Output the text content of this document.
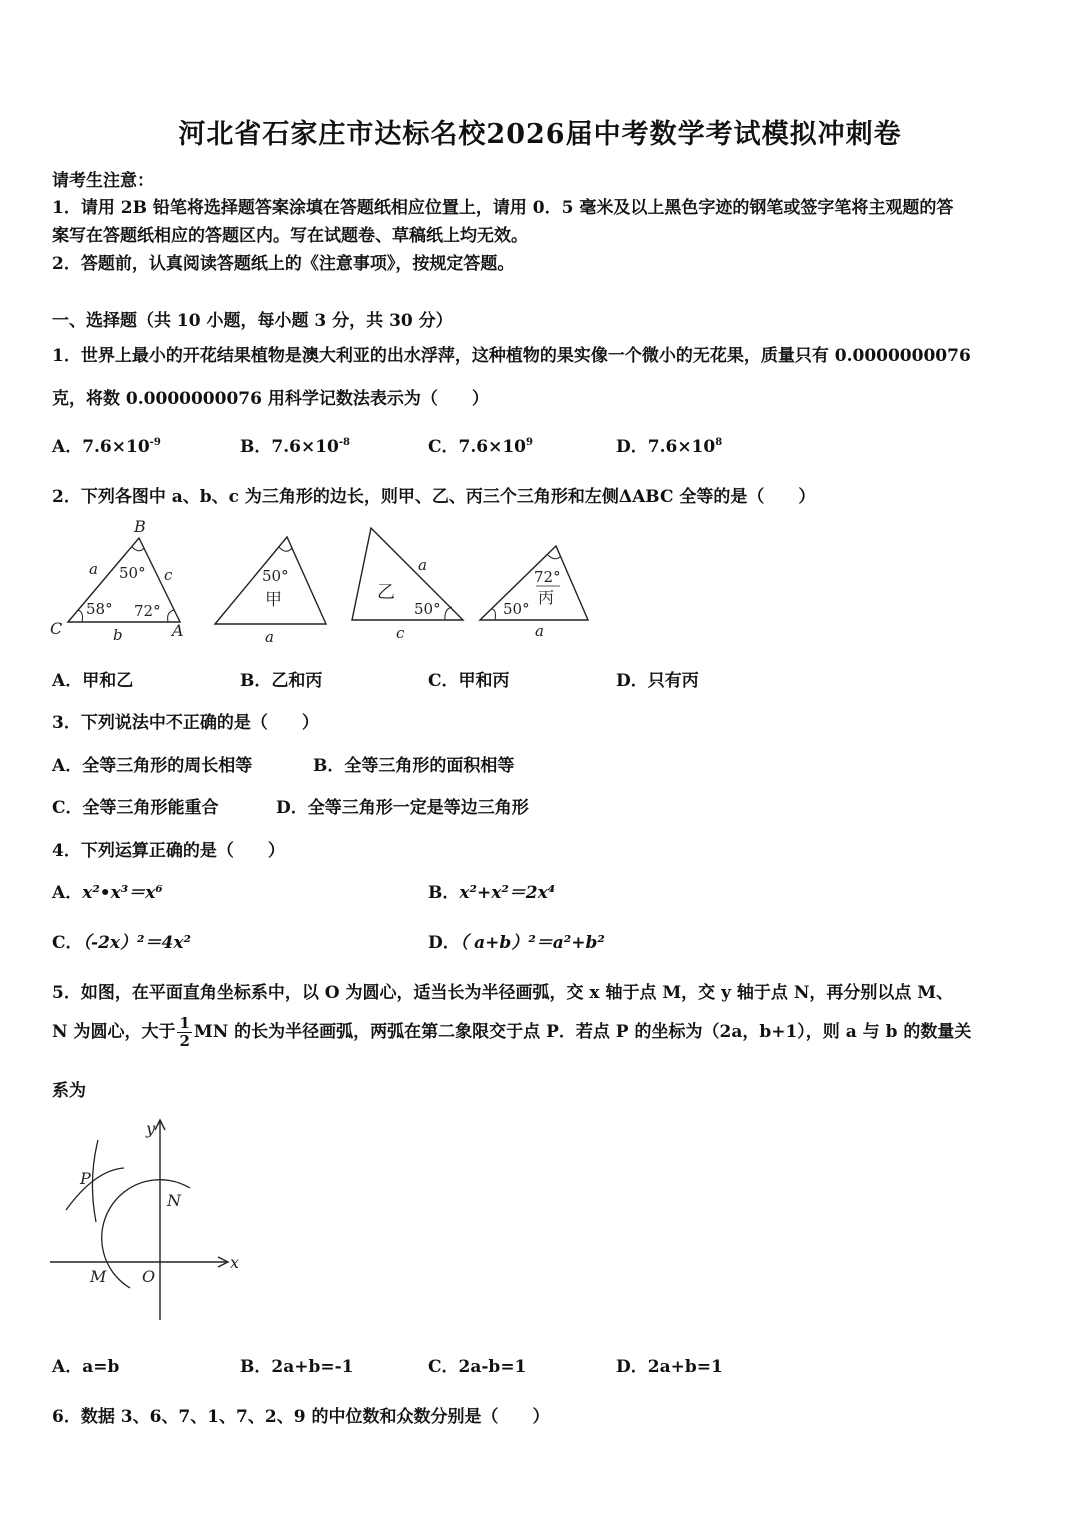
河北省石家庄市达标名校2026届中考数学考试模拟冲刺卷
请考生注意：
1．请用 2B 铅笔将选择题答案涂填在答题纸相应位置上，请用 0．5 毫米及以上黑色字迹的钢笔或签字笔将主观题的答
案写在答题纸相应的答题区内。写在试题卷、草稿纸上均无效。
2．答题前，认真阅读答题纸上的《注意事项》，按规定答题。
一、选择题（共 10 小题，每小题 3 分，共 30 分）
1．世界上最小的开花结果植物是澳大利亚的出水浮萍，这种植物的果实像一个微小的无花果，质量只有 0.0000000076
克，将数 0.0000000076 用科学记数法表示为（　　）
A．$7.6\times 10^{-9}$	B．$7.6\times 10^{-8}$	C．$7.6\times 10^9$	D．$7.6\times 10^8$
2．下列各图中 a、b、c 为三角形的边长，则甲、乙、丙三个三角形和左侧ΔABC 全等的是（　　）
B
C	A
a	c
b
50°
58° 72°
50°
甲
a
a
乙
50°
c
72°
丙
50°
a
A．甲和乙	B．乙和丙	C．甲和丙	D．只有丙
3．下列说法中不正确的是（　　）
A．全等三角形的周长相等	B．全等三角形的面积相等
C．全等三角形能重合	D．全等三角形一定是等边三角形
4．下列运算正确的是（　　）
A．x²•x³＝x⁶	B．x²+x²＝2x⁴
C．（-2x）²＝4x²	D．（ a+b）²＝a²+b²
5．如图，在平面直角坐标系中，以 O 为圆心，适当长为半径画弧，交 x 轴于点 M，交 y 轴于点 N，再分别以点 M、
N 为圆心，大于 $\frac{1}{2}$ MN 的长为半径画弧，两弧在第二象限交于点 P．若点 P 的坐标为（2a，b+1），则 a 与 b 的数量关
系为
y
x
P
N
M O
A．a=b	B．2a+b=-1	C．2a-b=1	D．2a+b=1
6．数据 3、6、7、1、7、2、9 的中位数和众数分别是（　　）
